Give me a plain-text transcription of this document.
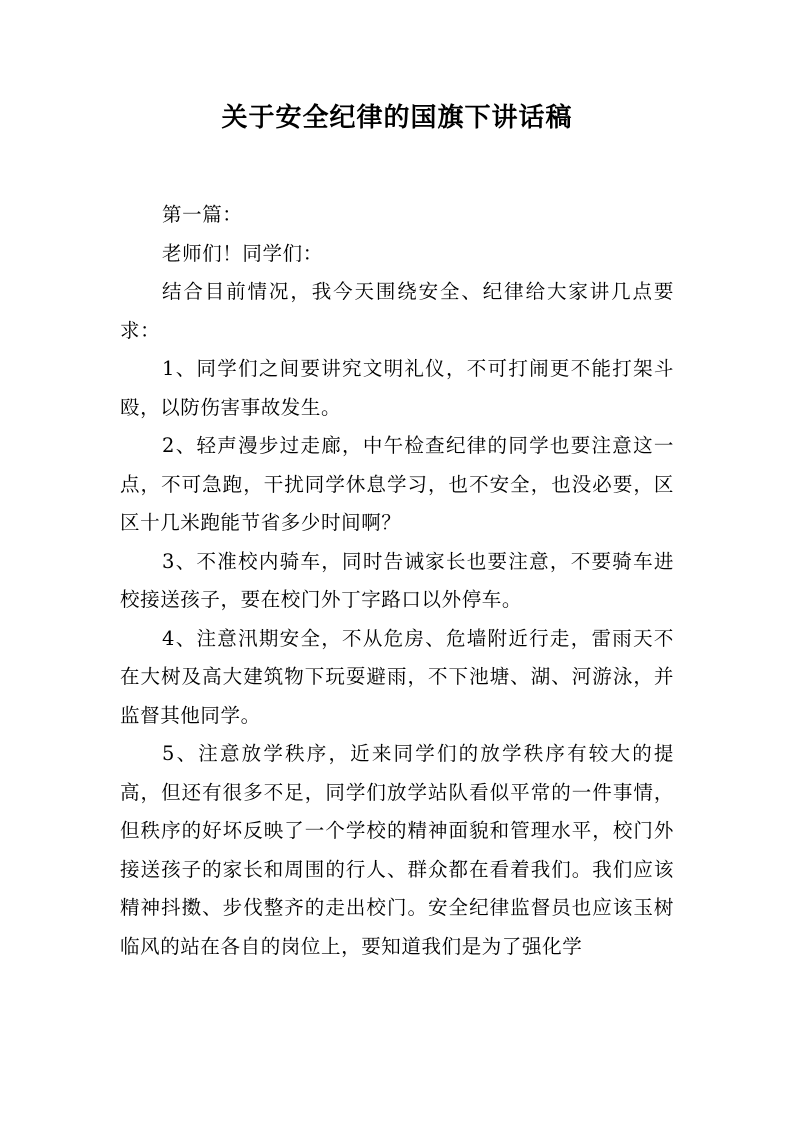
关于安全纪律的国旗下讲话稿

第一篇：

老师们！同学们：

结合目前情况，我今天围绕安全、纪律给大家讲几点要求：

1、同学们之间要讲究文明礼仪，不可打闹更不能打架斗殴，以防伤害事故发生。

2、轻声漫步过走廊，中午检查纪律的同学也要注意这一点，不可急跑，干扰同学休息学习，也不安全，也没必要，区区十几米跑能节省多少时间啊？

3、不准校内骑车，同时告诫家长也要注意，不要骑车进校接送孩子，要在校门外丁字路口以外停车。

4、注意汛期安全，不从危房、危墙附近行走，雷雨天不在大树及高大建筑物下玩耍避雨，不下池塘、湖、河游泳，并监督其他同学。

5、注意放学秩序，近来同学们的放学秩序有较大的提高，但还有很多不足，同学们放学站队看似平常的一件事情，但秩序的好坏反映了一个学校的精神面貌和管理水平，校门外接送孩子的家长和周围的行人、群众都在看着我们。我们应该精神抖擞、步伐整齐的走出校门。安全纪律监督员也应该玉树临风的站在各自的岗位上，要知道我们是为了强化学
